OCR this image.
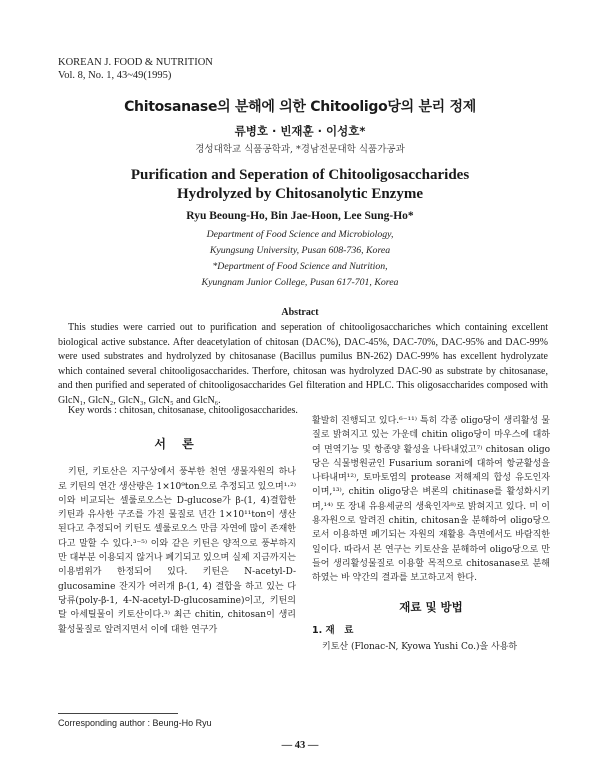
KOREAN J. FOOD & NUTRITION
Vol. 8, No. 1, 43~49(1995)
Chitosanase의 분해에 의한 Chitooligo당의 분리 정제
류병호 · 빈재훈 · 이성호*
경성대학교 식품공학과, *경남전문대학 식품가공과
Purification and Seperation of Chitooligosaccharides
Hydrolyzed by Chitosanolytic Enzyme
Ryu Beoung-Ho, Bin Jae-Hoon, Lee Sung-Ho*
Department of Food Science and Microbiology,
Kyungsung University, Pusan 608-736, Korea
*Department of Food Science and Nutrition,
Kyungnam Junior College, Pusan 617-701, Korea
Abstract

This studies were carried out to purification and seperation of chitooligosacchariches which containing excellent biological active substance. After deacetylation of chitosan (DAC%), DAC-45%, DAC-70%, DAC-95% and DAC-99% were used substrates and hydrolyzed by chitosanase (Bacillus pumilus BN-262) DAC-99% has excellent hydrolyzate which contained several chitooligosaccharides. Therfore, chitosan was hydrolyzed DAC-90 as substrate by chitosanase, and then purified and seperated of chitooligosaccharides Gel filteration and HPLC. This oligosaccharides composed with GlcN₁, GlcN₂, GlcN₃, GlcN₅ and GlcN₆.

Key words : chitosan, chitosanase, chitooligosaccharides.
서 론

키틴, 키토산은 지구상에서 풍부한 천연 생물자원의 하나로 키틴의 연간 생산량은 1×10⁹ton으로 추정되고 있으며¹·²⁾ 이와 비교되는 셀룰로오스는 D-glucose가 β-(1, 4)결합한 키틴과 유사한 구조를 가진 물질로 년간 1×10¹¹ton이 생산된다고 추정되어 키틴도 셀룰로오스 만큼 자연에 많이 존재한다고 말할 수 있다.³⁻⁵⁾ 이와 같은 키틴은 양적으로 풍부하지만 대부분 이용되지 않거나 폐기되고 있으며 실제 지금까지는 이용범위가 한정되어 있다. 키틴은 N-acetyl-D-glucosamine 잔지가 여러개 β-(1, 4) 결합을 하고 있는 다당류(poly-β-1, 4-N-acetyl-D-glucosamine)이고, 키틴의 탈 아세틸물이 키토산이다.³⁾ 최근 chitin, chitosan이 생리활성물질로 알려지면서 이에 대한 연구가

활발히 진행되고 있다.⁶⁻¹¹⁾ 특히 각종 oligo당이 생리활성 물질로 밝혀지고 있는 가운데 chitin oligo당이 마우스에 대하여 면역기능 및 항종양 활성을 나타내었고⁷⁾ chitosan oligo당은 식물병원균인 Fusarium sorani에 대하여 항균활성을 나타내며¹²⁾, 토마토엽의 protease 저해제의 합성 유도인자이며,¹³⁾, chitin oligo당은 벼론의 chitinase를 활성화시키며,¹⁴⁾ 또 장내 유용세균의 생육인자⁸⁾로 밝혀지고 있다. 미 이용자원으로 알려진 chitin, chitosan을 분해하여 oligo당으로서 이용하면 폐기되는 자원의 재활용 측면에서도 바람직한 일이다. 따라서 본 연구는 키토산을 분해하여 oligo당으로 만들어 생리활성물질로 이용할 목적으로 chitosanase로 분해하였는 바 약간의 결과를 보고하고저 한다.

재료 및 방법
1. 재　료

키토산 (Flonac-N, Kyowa Yushi Co.)을 사용하

Corresponding author : Beung-Ho Ryu
— 43 —
